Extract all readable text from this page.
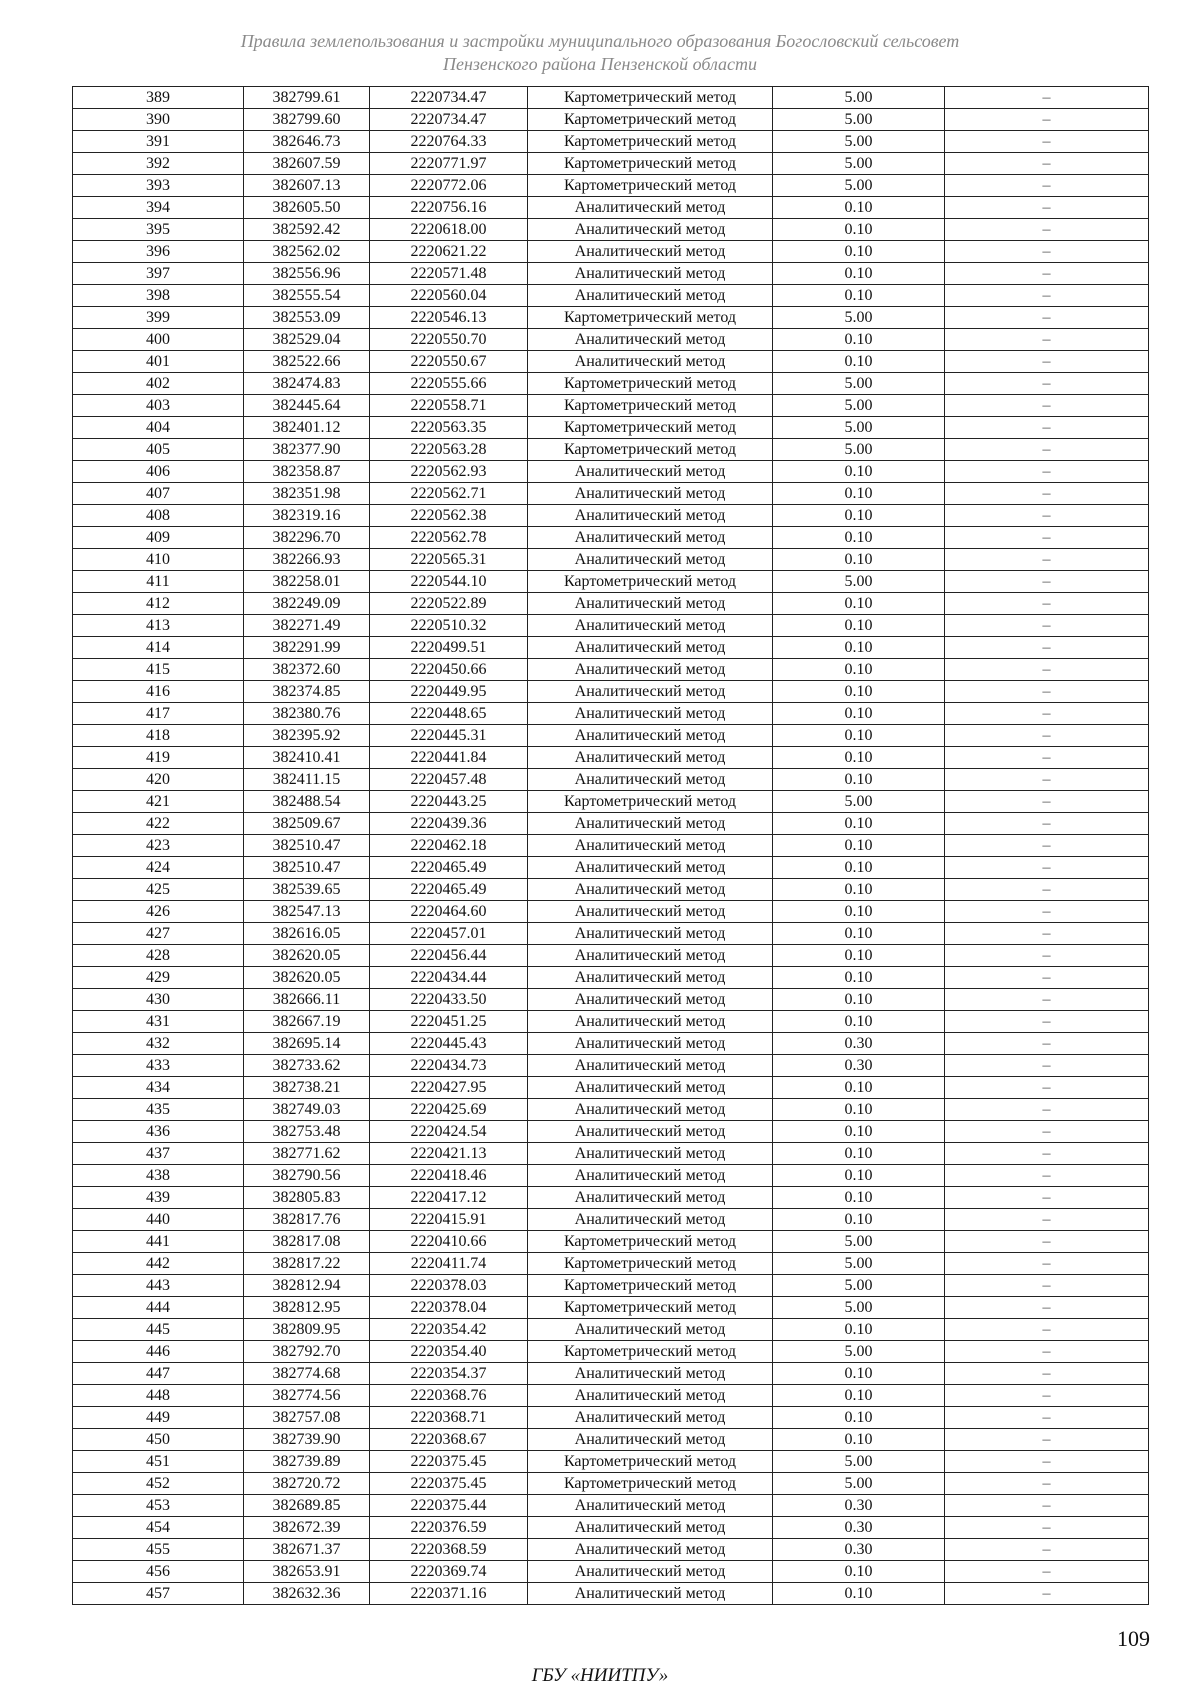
Правила землепользования и застройки муниципального образования Богословский сельсовет
Пензенского района Пензенской области
389	382799.61	2220734.47	Картометрический метод	5.00	–
390	382799.60	2220734.47	Картометрический метод	5.00	–
391	382646.73	2220764.33	Картометрический метод	5.00	–
392	382607.59	2220771.97	Картометрический метод	5.00	–
393	382607.13	2220772.06	Картометрический метод	5.00	–
394	382605.50	2220756.16	Аналитический метод	0.10	–
395	382592.42	2220618.00	Аналитический метод	0.10	–
396	382562.02	2220621.22	Аналитический метод	0.10	–
397	382556.96	2220571.48	Аналитический метод	0.10	–
398	382555.54	2220560.04	Аналитический метод	0.10	–
399	382553.09	2220546.13	Картометрический метод	5.00	–
400	382529.04	2220550.70	Аналитический метод	0.10	–
401	382522.66	2220550.67	Аналитический метод	0.10	–
402	382474.83	2220555.66	Картометрический метод	5.00	–
403	382445.64	2220558.71	Картометрический метод	5.00	–
404	382401.12	2220563.35	Картометрический метод	5.00	–
405	382377.90	2220563.28	Картометрический метод	5.00	–
406	382358.87	2220562.93	Аналитический метод	0.10	–
407	382351.98	2220562.71	Аналитический метод	0.10	–
408	382319.16	2220562.38	Аналитический метод	0.10	–
409	382296.70	2220562.78	Аналитический метод	0.10	–
410	382266.93	2220565.31	Аналитический метод	0.10	–
411	382258.01	2220544.10	Картометрический метод	5.00	–
412	382249.09	2220522.89	Аналитический метод	0.10	–
413	382271.49	2220510.32	Аналитический метод	0.10	–
414	382291.99	2220499.51	Аналитический метод	0.10	–
415	382372.60	2220450.66	Аналитический метод	0.10	–
416	382374.85	2220449.95	Аналитический метод	0.10	–
417	382380.76	2220448.65	Аналитический метод	0.10	–
418	382395.92	2220445.31	Аналитический метод	0.10	–
419	382410.41	2220441.84	Аналитический метод	0.10	–
420	382411.15	2220457.48	Аналитический метод	0.10	–
421	382488.54	2220443.25	Картометрический метод	5.00	–
422	382509.67	2220439.36	Аналитический метод	0.10	–
423	382510.47	2220462.18	Аналитический метод	0.10	–
424	382510.47	2220465.49	Аналитический метод	0.10	–
425	382539.65	2220465.49	Аналитический метод	0.10	–
426	382547.13	2220464.60	Аналитический метод	0.10	–
427	382616.05	2220457.01	Аналитический метод	0.10	–
428	382620.05	2220456.44	Аналитический метод	0.10	–
429	382620.05	2220434.44	Аналитический метод	0.10	–
430	382666.11	2220433.50	Аналитический метод	0.10	–
431	382667.19	2220451.25	Аналитический метод	0.10	–
432	382695.14	2220445.43	Аналитический метод	0.30	–
433	382733.62	2220434.73	Аналитический метод	0.30	–
434	382738.21	2220427.95	Аналитический метод	0.10	–
435	382749.03	2220425.69	Аналитический метод	0.10	–
436	382753.48	2220424.54	Аналитический метод	0.10	–
437	382771.62	2220421.13	Аналитический метод	0.10	–
438	382790.56	2220418.46	Аналитический метод	0.10	–
439	382805.83	2220417.12	Аналитический метод	0.10	–
440	382817.76	2220415.91	Аналитический метод	0.10	–
441	382817.08	2220410.66	Картометрический метод	5.00	–
442	382817.22	2220411.74	Картометрический метод	5.00	–
443	382812.94	2220378.03	Картометрический метод	5.00	–
444	382812.95	2220378.04	Картометрический метод	5.00	–
445	382809.95	2220354.42	Аналитический метод	0.10	–
446	382792.70	2220354.40	Картометрический метод	5.00	–
447	382774.68	2220354.37	Аналитический метод	0.10	–
448	382774.56	2220368.76	Аналитический метод	0.10	–
449	382757.08	2220368.71	Аналитический метод	0.10	–
450	382739.90	2220368.67	Аналитический метод	0.10	–
451	382739.89	2220375.45	Картометрический метод	5.00	–
452	382720.72	2220375.45	Картометрический метод	5.00	–
453	382689.85	2220375.44	Аналитический метод	0.30	–
454	382672.39	2220376.59	Аналитический метод	0.30	–
455	382671.37	2220368.59	Аналитический метод	0.30	–
456	382653.91	2220369.74	Аналитический метод	0.10	–
457	382632.36	2220371.16	Аналитический метод	0.10	–
109
ГБУ «НИИТПУ»
